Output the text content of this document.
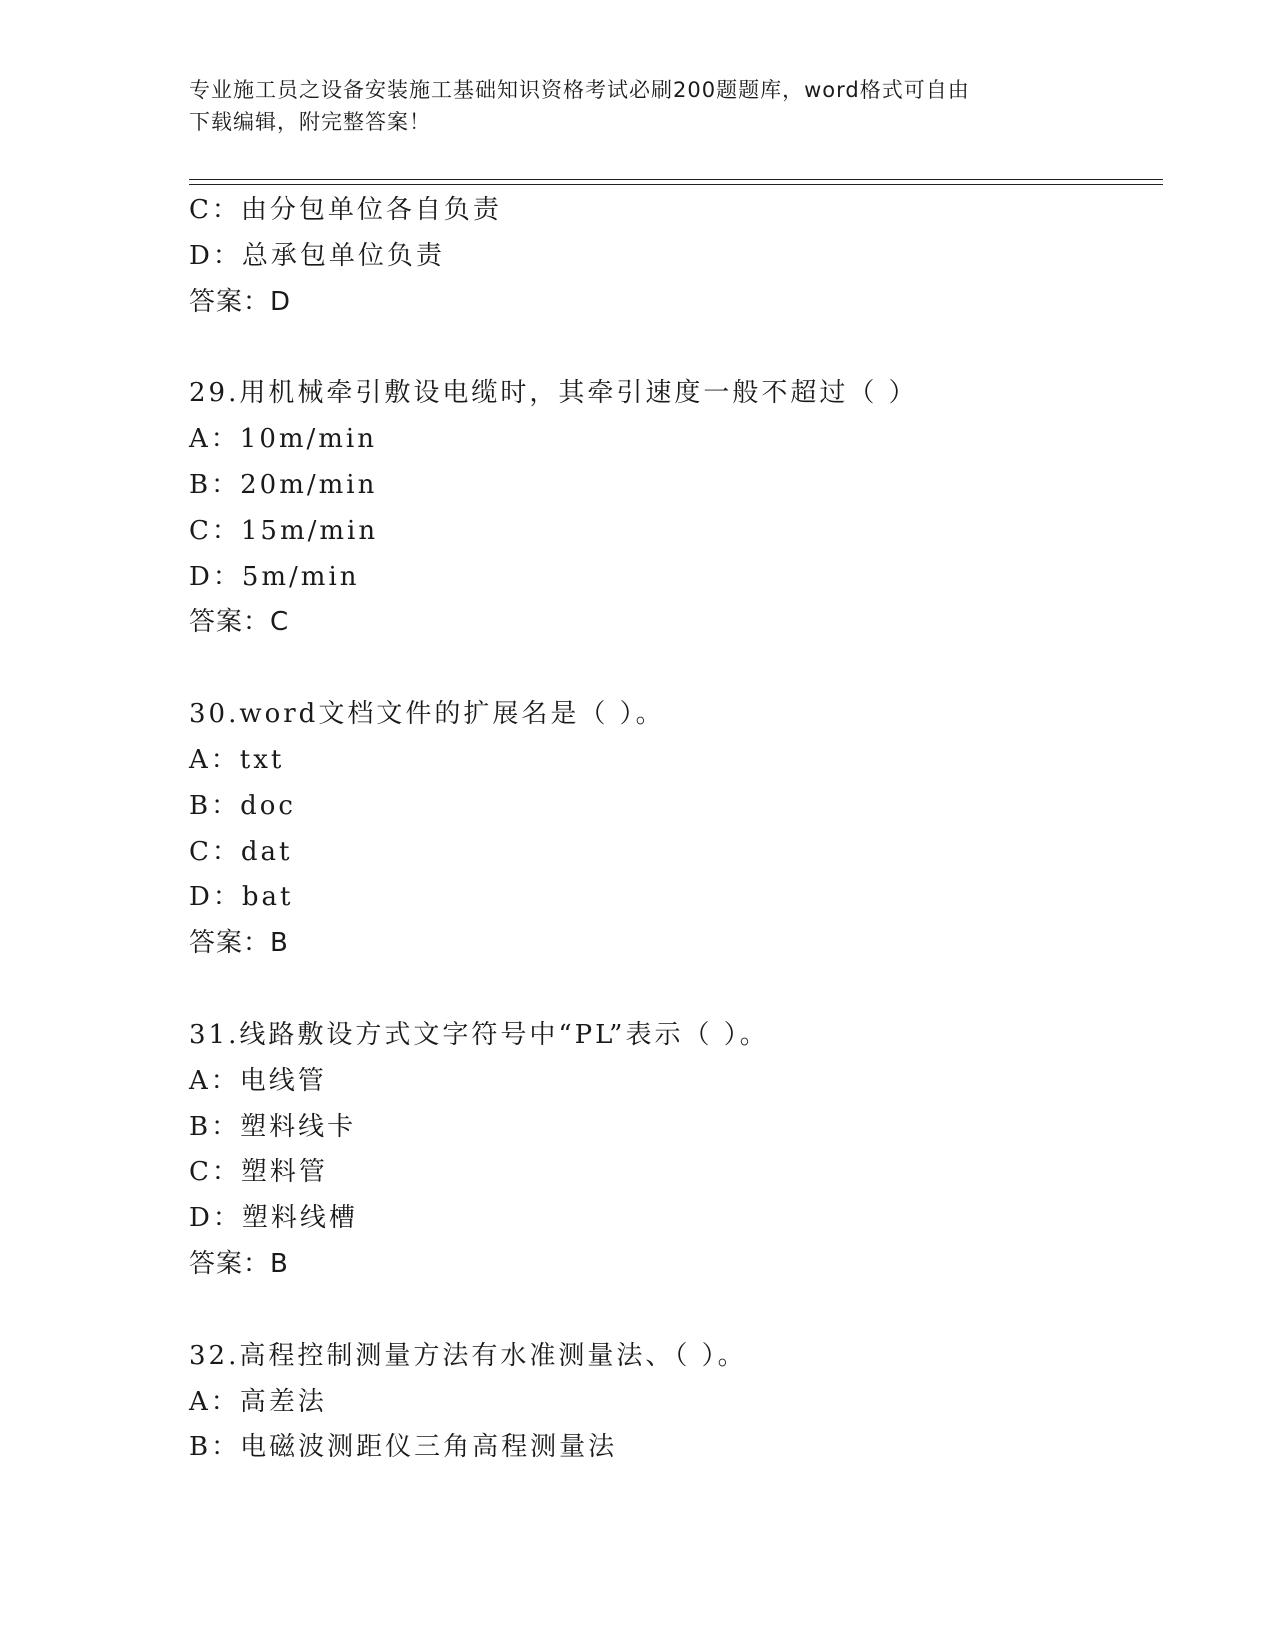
专业施工员之设备安装施工基础知识资格考试必刷200题题库，word格式可自由
下载编辑，附完整答案！
C：由分包单位各自负责
D：总承包单位负责
答案：D
29.用机械牵引敷设电缆时，其牵引速度一般不超过（ ）
A：10m/min
B：20m/min
C：15m/min
D：5m/min
答案：C
30.word文档文件的扩展名是（ ）。
A：txt
B：doc
C：dat
D：bat
答案：B
31.线路敷设方式文字符号中“PL”表示（ ）。
A：电线管
B：塑料线卡
C：塑料管
D：塑料线槽
答案：B
32.高程控制测量方法有水准测量法、（ ）。
A：高差法
B：电磁波测距仪三角高程测量法
